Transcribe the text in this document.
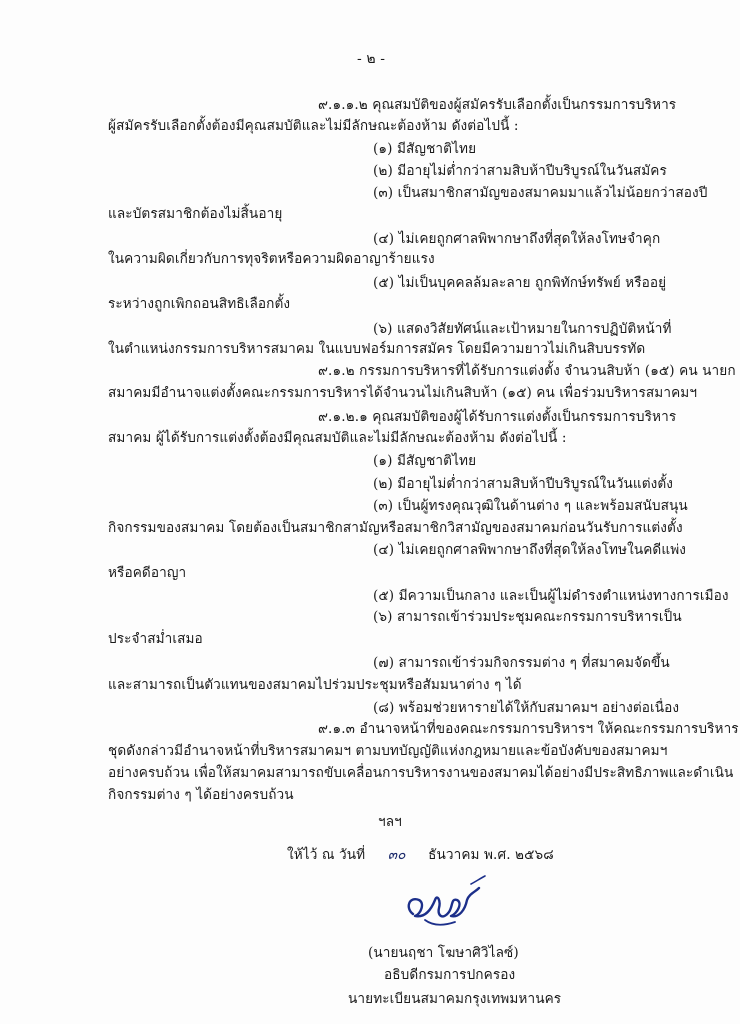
- ๒ -
๙.๑.๑.๒ คุณสมบัติของผู้สมัครรับเลือกตั้งเป็นกรรมการบริหาร
ผู้สมัครรับเลือกตั้งต้องมีคุณสมบัติและไม่มีลักษณะต้องห้าม ดังต่อไปนี้ :
(๑) มีสัญชาติไทย
(๒) มีอายุไม่ต่ำกว่าสามสิบห้าปีบริบูรณ์ในวันสมัคร
(๓) เป็นสมาชิกสามัญของสมาคมมาแล้วไม่น้อยกว่าสองปี
และบัตรสมาชิกต้องไม่สิ้นอายุ
(๔) ไม่เคยถูกศาลพิพากษาถึงที่สุดให้ลงโทษจำคุก
ในความผิดเกี่ยวกับการทุจริตหรือความผิดอาญาร้ายแรง
(๕) ไม่เป็นบุคคลล้มละลาย ถูกพิทักษ์ทรัพย์ หรืออยู่
ระหว่างถูกเพิกถอนสิทธิเลือกตั้ง
(๖) แสดงวิสัยทัศน์และเป้าหมายในการปฏิบัติหน้าที่
ในตำแหน่งกรรมการบริหารสมาคม ในแบบฟอร์มการสมัคร โดยมีความยาวไม่เกินสิบบรรทัด
๙.๑.๒ กรรมการบริหารที่ได้รับการแต่งตั้ง จำนวนสิบห้า (๑๕) คน นายก
สมาคมมีอำนาจแต่งตั้งคณะกรรมการบริหารได้จำนวนไม่เกินสิบห้า (๑๕) คน เพื่อร่วมบริหารสมาคมฯ
๙.๑.๒.๑ คุณสมบัติของผู้ได้รับการแต่งตั้งเป็นกรรมการบริหาร
สมาคม ผู้ได้รับการแต่งตั้งต้องมีคุณสมบัติและไม่มีลักษณะต้องห้าม ดังต่อไปนี้ :
(๑) มีสัญชาติไทย
(๒) มีอายุไม่ต่ำกว่าสามสิบห้าปีบริบูรณ์ในวันแต่งตั้ง
(๓) เป็นผู้ทรงคุณวุฒิในด้านต่าง ๆ และพร้อมสนับสนุน
กิจกรรมของสมาคม โดยต้องเป็นสมาชิกสามัญหรือสมาชิกวิสามัญของสมาคมก่อนวันรับการแต่งตั้ง
(๔) ไม่เคยถูกศาลพิพากษาถึงที่สุดให้ลงโทษในคดีแพ่ง
หรือคดีอาญา
(๕) มีความเป็นกลาง และเป็นผู้ไม่ดำรงตำแหน่งทางการเมือง
(๖) สามารถเข้าร่วมประชุมคณะกรรมการบริหารเป็น
ประจำสม่ำเสมอ
(๗) สามารถเข้าร่วมกิจกรรมต่าง ๆ ที่สมาคมจัดขึ้น
และสามารถเป็นตัวแทนของสมาคมไปร่วมประชุมหรือสัมมนาต่าง ๆ ได้
(๘) พร้อมช่วยหารายได้ให้กับสมาคมฯ อย่างต่อเนื่อง
๙.๑.๓ อำนาจหน้าที่ของคณะกรรมการบริหารฯ ให้คณะกรรมการบริหาร
ชุดดังกล่าวมีอำนาจหน้าที่บริหารสมาคมฯ ตามบทบัญญัติแห่งกฎหมายและข้อบังคับของสมาคมฯ
อย่างครบถ้วน เพื่อให้สมาคมสามารถขับเคลื่อนการบริหารงานของสมาคมได้อย่างมีประสิทธิภาพและดำเนิน
กิจกรรมต่าง ๆ ได้อย่างครบถ้วน
ฯลฯ
ให้ไว้ ณ วันที่ ๓๐ ธันวาคม พ.ศ. ๒๕๖๘
(นายนฤชา โฆษาศิวิไลซ์)
อธิบดีกรมการปกครอง
นายทะเบียนสมาคมกรุงเทพมหานคร
